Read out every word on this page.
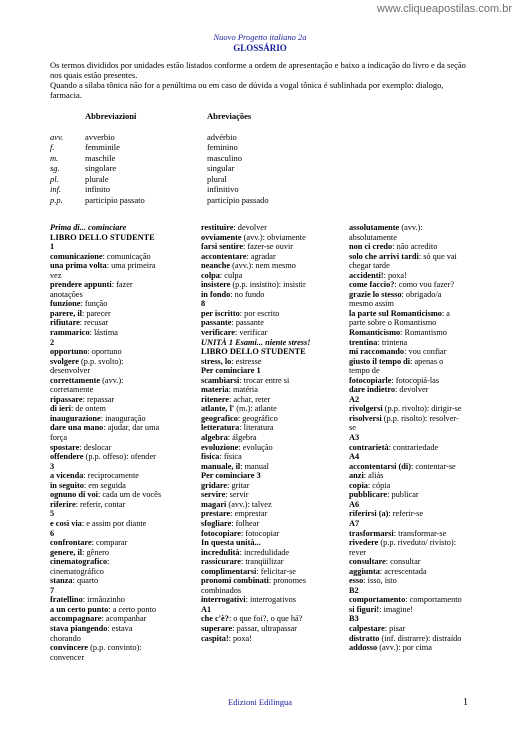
www.cliqueapostilas.com.br
Nuovo Progetto italiano 2a
GLOSSÁRIO

Os termos divididos por unidades estão listados conforme a ordem de apresentação e baixo a indicação do livro e da seção nos quais estão presentes.

Quando a sílaba tônica não for a penúltima ou em caso de dúvida a vogal tônica é sublinhada por exemplo: dialogo, farmacia.

Abbreviazioni	Abreviações
avv.	avverbio	advérbio
f.	femminile	feminino
m.	maschile	masculino
sg.	singolare	singular
pl.	plurale	plural
inf.	infinito	infinitivo
p.p.	participio passato	particípio passado
Prima di... cominciare
LIBRO DELLO STUDENTE
1
comunicazione: comunicação
una prima volta: uma primeira
vez
prendere appunti: fazer
anotações
funzione: função
parere, il: parecer
rifiutare: recusar
rammarico: lástima
2
opportuno: oportuno
svolgere (p.p. svolto):
desenvolver
correttamente (avv.):
corretamente
ripassare: repassar
di ieri: de ontem
inaugurazione: inauguração
dare una mano: ajudar, dar uma
força
spostare: deslocar
offendere (p.p. offeso): ofender
3
a vicenda: reciprocamente
in seguito: em seguida
ognuno di voi: cada um de vocês
riferire: referir, contar
5
e così via: e assim por diante
6
confrontare: comparar
genere, il: gênero
cinematografico:
cinematográfico
stanza: quarto
7
fratellino: irmãozinho
a un certo punto: a certo ponto
accompagnare: acompanhar
stava piangendo: estava
chorando
convincere (p.p. convinto):
convencer
restituire: devolver
ovviamente (avv.): obviamente
farsi sentire: fazer-se ouvir
accontentare: agradar
neanche (avv.): nem mesmo
colpa: culpa
insistere (p.p. insistito): insistir
in fondo: no fundo
8
per iscritto: por escrito
passante: passante
verificare: verificar
UNITÀ 1 Esami... niente stress!
LIBRO DELLO STUDENTE
stress, lo: estresse
Per cominciare 1
scambiarsi: trocar entre si
materia: matéria
ritenere: achar, reter
atlante, l' (m.): atlante
geografico: geográfico
letteratura: literatura
algebra: álgebra
evoluzione: evolução
fisica: física
manuale, il: manual
Per cominciare 3
gridare: gritar
servire: servir
magari (avv.): talvez
prestare: emprestar
sfogliare: folhear
fotocopiare: fotocopiar
In questa unità...
incredulità: incredulidade
rassicurare: tranqüilizar
complimentarsi: felicitar-se
pronomi combinati: pronomes
combinados
interrogativi: interrogativos
A1
che c'è?: o que foi?, o que há?
superare: passar, ultrapassar
caspita!: poxa!
assolutamente (avv.):
absolutamente
non ci credo: não acredito
solo che arrivi tardi: só que vai
chegar tarde
accidenti!: poxa!
come faccio?: como vou fazer?
grazie lo stesso: obrigado/a
mesmo assim
la parte sul Romanticismo: a
parte sobre o Romantismo
Romanticismo: Romantismo
trentina: trintena
mi raccomando: vou confiar
giusto il tempo di: apenas o
tempo de
fotocopiarle: fotocopiá-las
dare indietro: devolver
A2
rivolgersi (p.p. rivolto): dirigir-se
risolversi (p.p. risolto): resolver-
se
A3
contrarietà: contrariedade
A4
accontentarsi (di): contentar-se
anzi: aliás
copia: cópia
pubblicare: publicar
A6
riferirsi (a): referir-se
A7
trasformarsi: transformar-se
rivedere (p.p. riveduto/ rivisto):
rever
consultare: consultar
aggiunta: acrescentada
esso: isso, isto
B2
comportamento: comportamento
si figuri!: imagine!
B3
calpestare: pisar
distratto (inf. distrarre): distraído
addosso (avv.): por cima
Edizioni Edilingua	1
